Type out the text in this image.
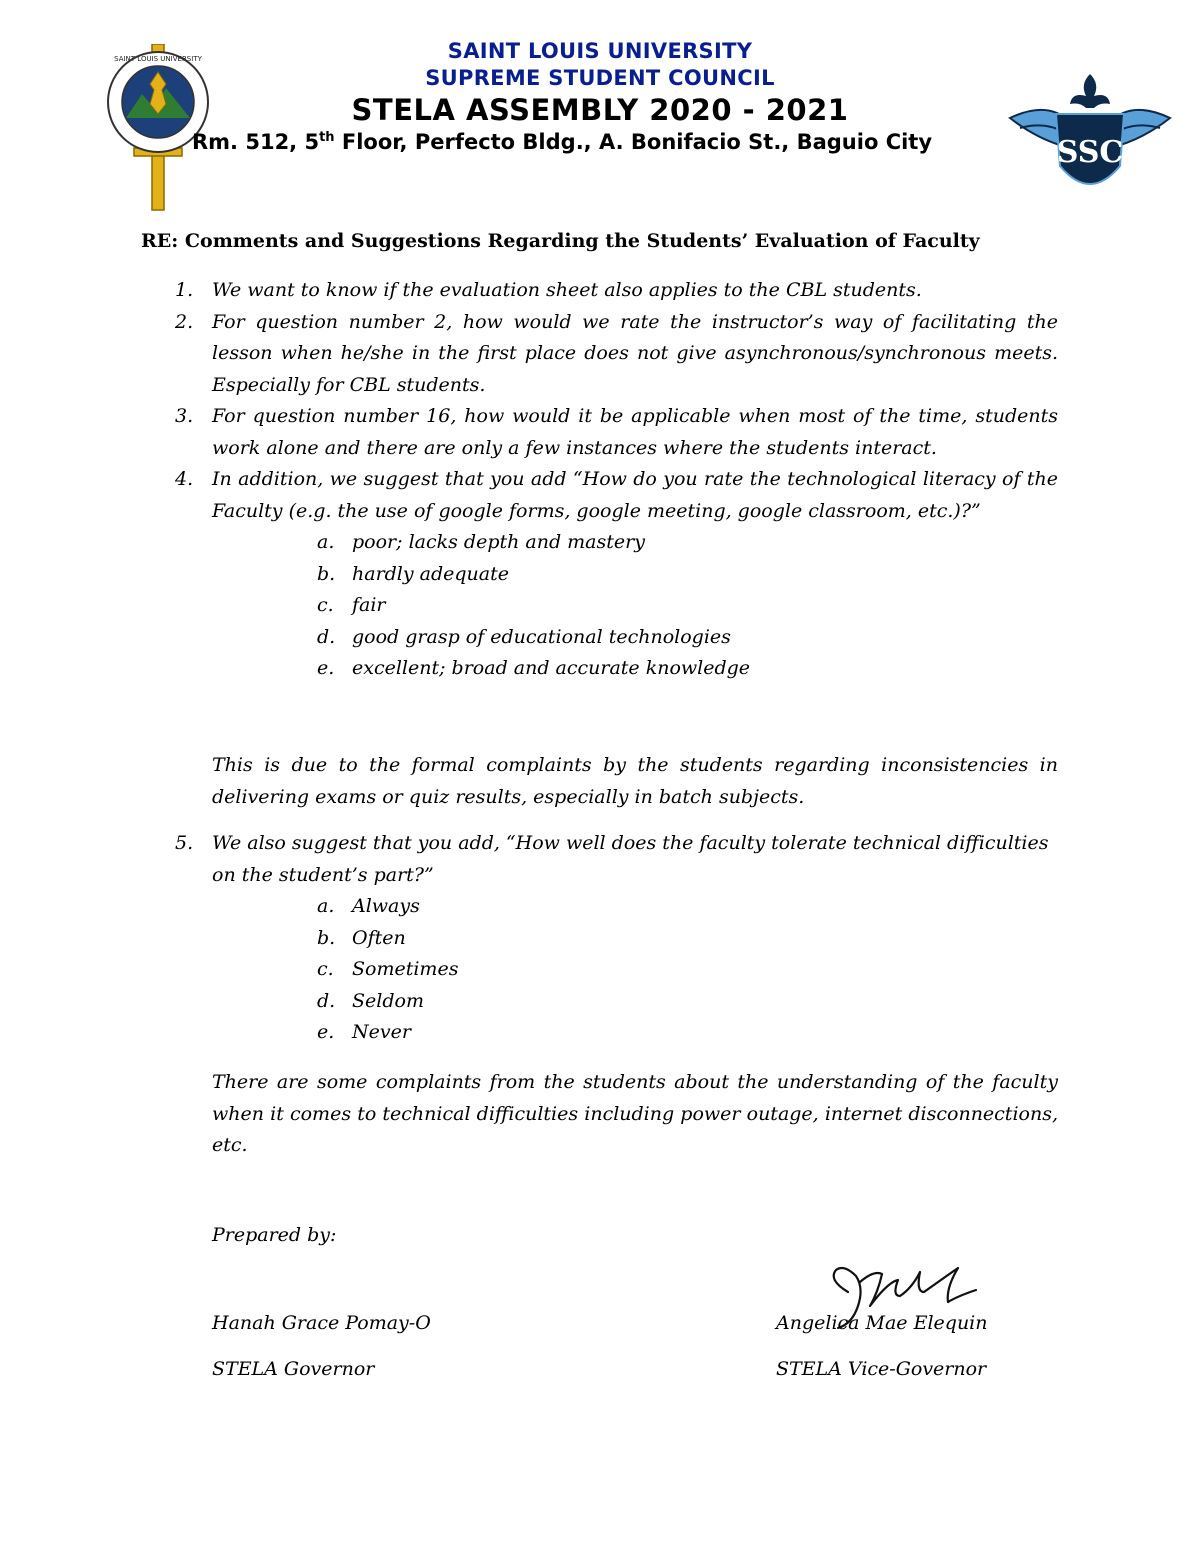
SAINT LOUIS UNIVERSITY
SSC
SAINT LOUIS UNIVERSITY
SUPREME STUDENT COUNCIL
STELA ASSEMBLY 2020 - 2021
Rm. 512, 5th Floor, Perfecto Bldg., A. Bonifacio St., Baguio City
RE: Comments and Suggestions Regarding the Students’ Evaluation of Faculty
1. We want to know if the evaluation sheet also applies to the CBL students.
2. For question number 2, how would we rate the instructor’s way of facilitating the lesson when he/she in the first place does not give asynchronous/synchronous meets. Especially for CBL students.
3. For question number 16, how would it be applicable when most of the time, students work alone and there are only a few instances where the students interact.
4. In addition, we suggest that you add “How do you rate the technological literacy of the Faculty (e.g. the use of google forms, google meeting, google classroom, etc.)?”
a. poor; lacks depth and mastery
b. hardly adequate
c. fair
d. good grasp of educational technologies
e. excellent; broad and accurate knowledge
This is due to the formal complaints by the students regarding inconsistencies in delivering exams or quiz results, especially in batch subjects.
5. We also suggest that you add, “How well does the faculty tolerate technical difficulties on the student’s part?”
a. Always
b. Often
c. Sometimes
d. Seldom
e. Never
There are some complaints from the students about the understanding of the faculty when it comes to technical difficulties including power outage, internet disconnections, etc.
Prepared by:
Hanah Grace Pomay-O
STELA Governor
Angelica Mae Elequin
STELA Vice-Governor
